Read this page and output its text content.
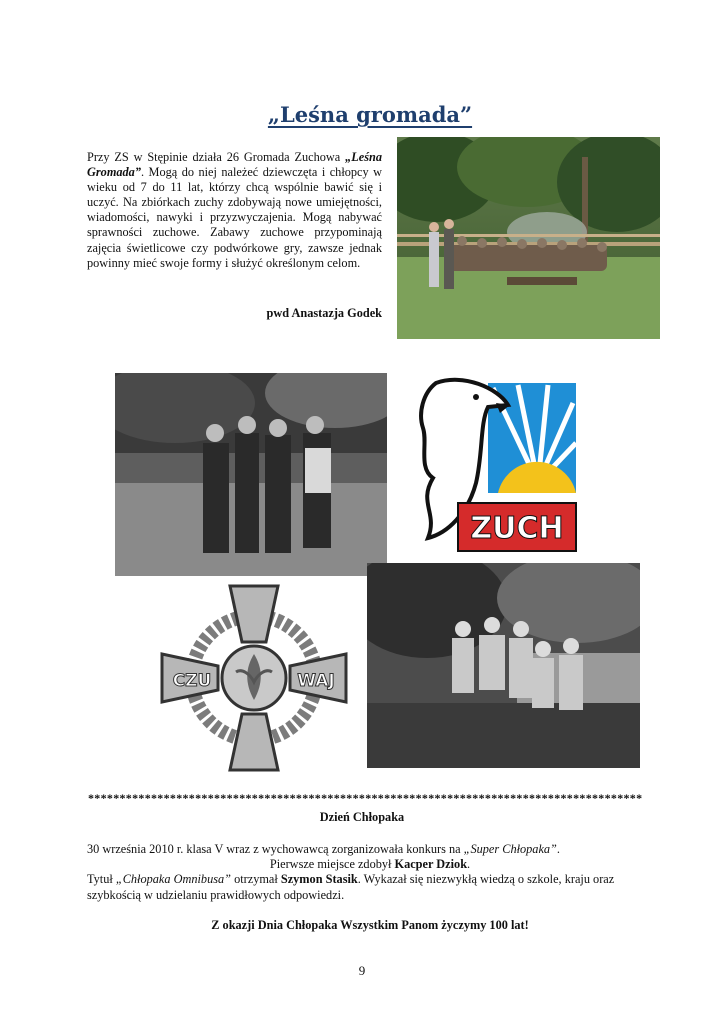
„Leśna gromada”
Przy ZS w Stępinie działa 26 Gromada Zuchowa „Leśna Gromada”. Mogą do niej należeć dziewczęta i chłopcy w wieku od 7 do 11 lat, którzy chcą wspólnie bawić się i uczyć. Na zbiórkach zuchy zdobywają nowe umiejętności, wiadomości, nawyki i przyzwyczajenia. Mogą nabywać sprawności zuchowe. Zabawy zuchowe przypominają zajęcia świetlicowe czy podwórkowe gry, zawsze jednak powinny mieć swoje formy i służyć określonym celom.
pwd Anastazja Godek
ZUCH
CZU	WAJ
****************************************************************************************
Dzień Chłopaka
30 września 2010 r. klasa V wraz z wychowawcą zorganizowała konkurs na „Super Chłopaka”.
Pierwsze miejsce zdobył Kacper Dziok.
Tytuł „Chłopaka Omnibusa” otrzymał Szymon Stasik. Wykazał się niezwykłą wiedzą o szkole, kraju oraz szybkością w udzielaniu prawidłowych odpowiedzi.
Z okazji Dnia Chłopaka Wszystkim Panom życzymy 100 lat!
9
